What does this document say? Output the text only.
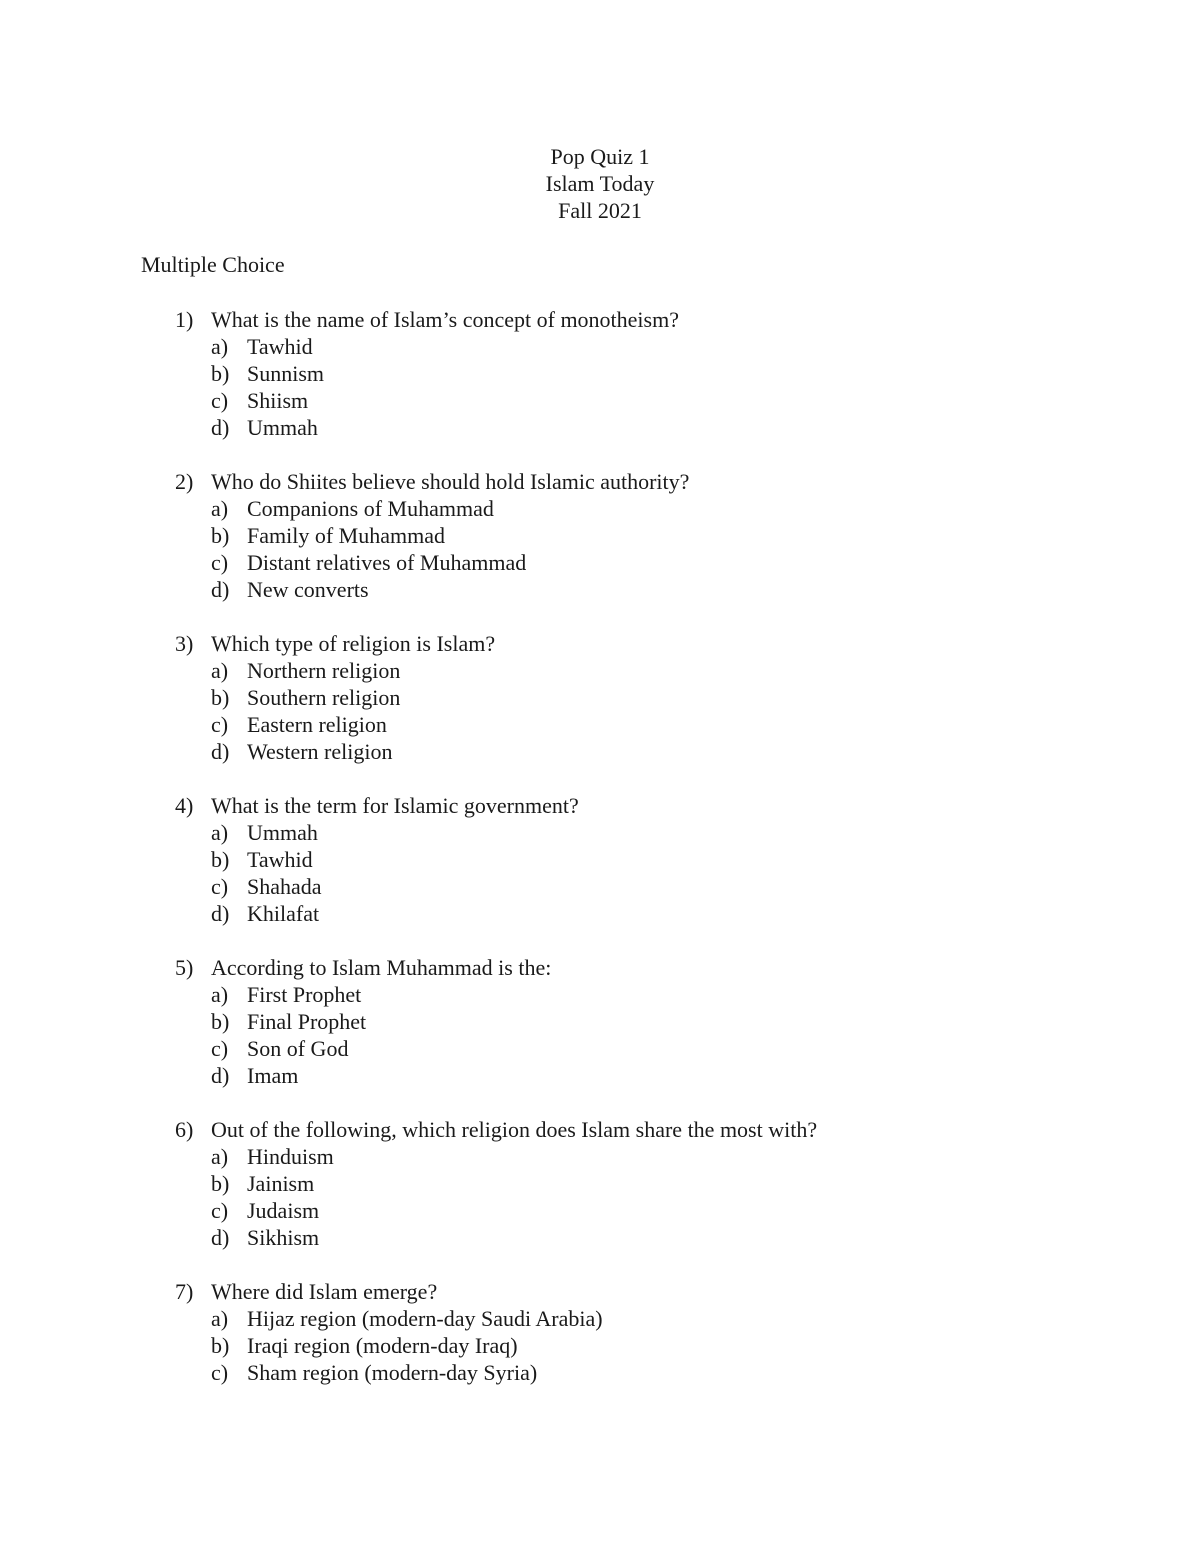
Pop Quiz 1
Islam Today
Fall 2021
Multiple Choice
1) What is the name of Islam’s concept of monotheism?
a) Tawhid
b) Sunnism
c) Shiism
d) Ummah
2) Who do Shiites believe should hold Islamic authority?
a) Companions of Muhammad
b) Family of Muhammad
c) Distant relatives of Muhammad
d) New converts
3) Which type of religion is Islam?
a) Northern religion
b) Southern religion
c) Eastern religion
d) Western religion
4) What is the term for Islamic government?
a) Ummah
b) Tawhid
c) Shahada
d) Khilafat
5) According to Islam Muhammad is the:
a) First Prophet
b) Final Prophet
c) Son of God
d) Imam
6) Out of the following, which religion does Islam share the most with?
a) Hinduism
b) Jainism
c) Judaism
d) Sikhism
7) Where did Islam emerge?
a) Hijaz region (modern-day Saudi Arabia)
b) Iraqi region (modern-day Iraq)
c) Sham region (modern-day Syria)
